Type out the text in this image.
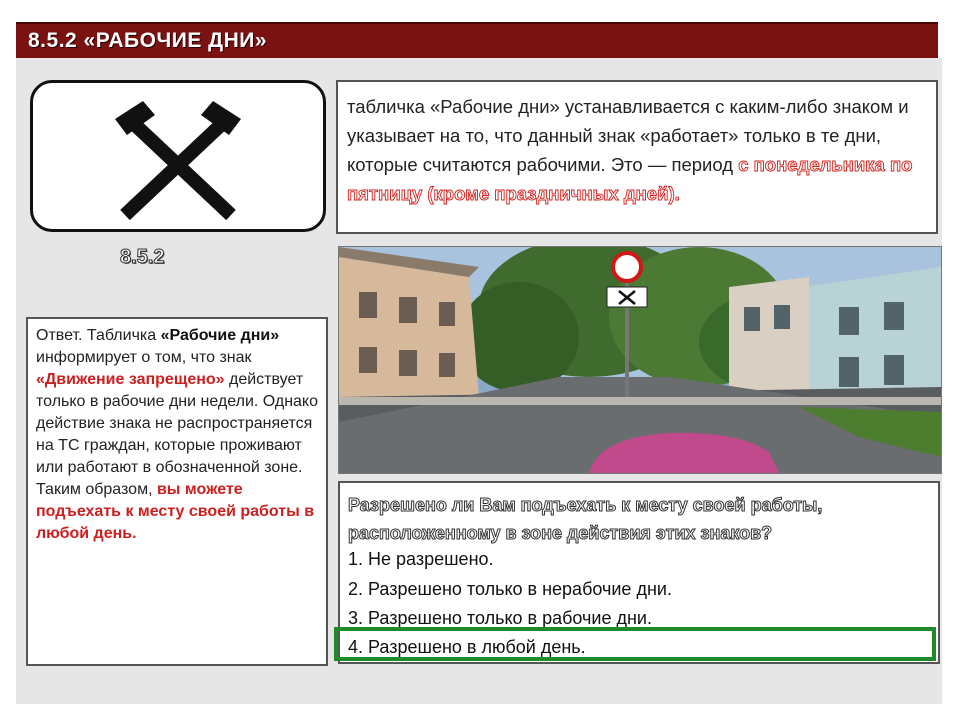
8.5.2 «РАБОЧИЕ ДНИ»
8.5.2

табличка «Рабочие дни» устанавливается с каким-либо знаком и указывает на то, что данный знак «работает» только в те дни, которые считаются рабочими. Это — период с понедельника по пятницу (кроме праздничных дней).

Ответ. Табличка «Рабочие дни» информирует о том, что знак «Движение запрещено» действует только в рабочие дни недели. Однако действие знака не распространяется на ТС граждан, которые проживают или работают в обозначенной зоне. Таким образом, вы можете подъехать к месту своей работы в любой день.

Разрешено ли Вам подъехать к месту своей работы, расположенному в зоне действия этих знаков?
1. Не разрешено.
2. Разрешено только в нерабочие дни.
3. Разрешено только в рабочие дни.
4. Разрешено в любой день.
